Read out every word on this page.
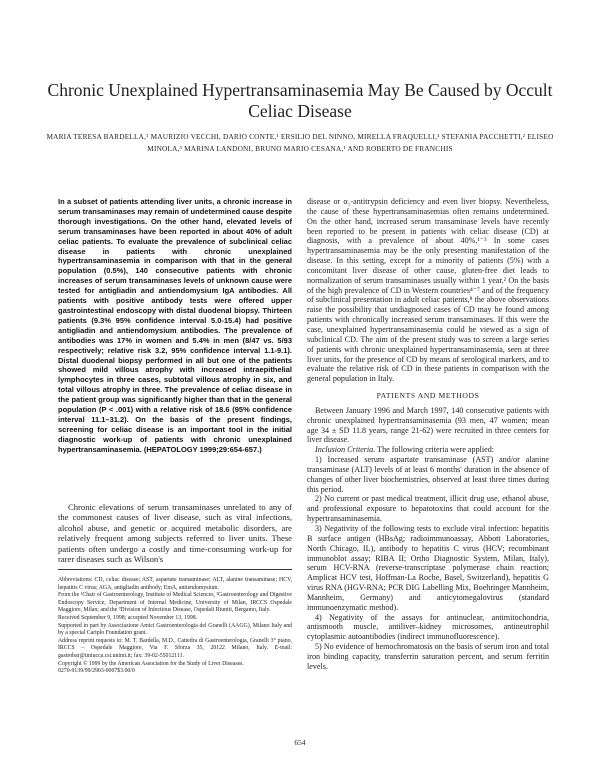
Chronic Unexplained Hypertransaminasemia May Be Caused by Occult Celiac Disease
MARIA TERESA BARDELLA,¹ MAURIZIO VECCHI, DARIO CONTE,¹ ERSILIO DEL NINNO, MIRELLA FRAQUELLI,¹ STEFANIA PACCHETTI,² ELISEO MINOLA,³ MARINA LANDONI, BRUNO MARIO CESANA,¹ AND ROBERTO DE FRANCHIS

In a subset of patients attending liver units, a chronic increase in serum transaminases may remain of undetermined cause despite thorough investigations. On the other hand, elevated levels of serum transaminases have been reported in about 40% of adult celiac patients. To evaluate the prevalence of subclinical celiac disease in patients with chronic unexplained hypertransaminasemia in comparison with that in the general population (0.5%), 140 consecutive patients with chronic increases of serum transaminases levels of unknown cause were tested for antigliadin and antiendomysium IgA antibodies. All patients with positive antibody tests were offered upper gastrointestinal endoscopy with distal duodenal biopsy. Thirteen patients (9.3% 95% confidence interval 5.0-15.4) had positive antigliadin and antiendomysium antibodies. The prevalence of antibodies was 17% in women and 5.4% in men (8/47 vs. 5/93 respectively; relative risk 3.2, 95% confidence interval 1.1-9.1). Distal duodenal biopsy performed in all but one of the patients showed mild villous atrophy with increased intraepithelial lymphocytes in three cases, subtotal villous atrophy in six, and total villous atrophy in three. The prevalence of celiac disease in the patient group was significantly higher than that in the general population (P < .001) with a relative risk of 18.6 (95% confidence interval 11.1–31.2). On the basis of the present findings, screening for celiac disease is an important tool in the initial diagnostic work-up of patients with chronic unexplained hypertransaminasemia. (HEPATOLOGY 1999;29:654-657.)

Chronic elevations of serum transaminases unrelated to any of the commonest causes of liver disease, such as viral infections, alcohol abuse, and genetic or acquired metabolic disorders, are relatively frequent among subjects referred to liver units. These patients often undergo a costly and time-consuming work-up for rarer diseases such as Wilson's

Abbreviations: CD, celiac disease; AST, aspartate transaminase; ALT, alanine transaminase; HCV, hepatitis C virus; AGA, antigliadin antibody; EmA, antiendomysium.

From the ¹Chair of Gastroenterology, Institute of Medical Sciences, ²Gastroenterology and Digestive Endoscopy Service, Department of Internal Medicine, University of Milan, IRCCS Ospedale Maggiore, Milan; and the ³Division of Infectious Disease, Ospedali Riuniti, Bergamo, Italy.

Received September 9, 1998; accepted November 13, 1998.

Supported in part by Associazione Amici Gastroenterologia del Granelli (AAGG), Milano Italy and by a special Cariplo Foundation grant.

Address reprint requests to: M. T. Bardella, M.D., Cattedra di Gastroenterologia, Granelli 3° piano, IRCCS – Ospedale Maggiore, Via F. Sforza 35, 20122 Milano, Italy. E-mail: gastrobar@imiucca.csi.unimi.it; fax: 39-02-55012111.

Copyright © 1999 by the American Association for the Study of Liver Diseases.

0270-9139/99/2903-0007$3.00/0

disease or α₁-antitrypsin deficiency and even liver biopsy. Nevertheless, the cause of these hypertransaminasemias often remains undetermined. On the other hand, increased serum transaminase levels have recently been reported to be present in patients with celiac disease (CD) at diagnosis, with a prevalence of about 40%.¹⁻³ In some cases hypertransaminasemia may be the only presenting manifestation of the disease. In this setting, except for a minority of patients (5%) with a concomitant liver disease of other cause, gluten-free diet leads to normalization of serum transaminases usually within 1 year.² On the basis of the high prevalence of CD in Western countries⁴⁻⁷ and of the frequency of subclinical presentation in adult celiac patients,⁸ the above observations raise the possibility that undiagnosed cases of CD may be found among patients with chronically increased serum transaminases. If this were the case, unexplained hypertransaminasemia could be viewed as a sign of subclinical CD. The aim of the present study was to screen a large series of patients with chronic unexplained hypertransaminasemia, seen at three liver units, for the presence of CD by means of serological markers, and to evaluate the relative risk of CD in these patients in comparison with the general population in Italy.

PATIENTS AND METHODS

Between January 1996 and March 1997, 140 consecutive patients with chronic unexplained hypertransaminasemia (93 men, 47 women; mean age 34 ± SD 11.8 years, range 21-62) were recruited in three centers for liver disease.

Inclusion Criteria. The following criteria were applied:

1) Increased serum aspartate transaminase (AST) and/or alanine transaminase (ALT) levels of at least 6 months' duration in the absence of changes of other liver biochemistries, observed at least three times during this period.

2) No current or past medical treatment, illicit drug use, ethanol abuse, and professional exposure to hepatotoxins that could account for the hypertransaminasemia.

3) Negativity of the following tests to exclude viral infection: hepatitis B surface antigen (HBsAg; radioimmunoassay, Abbott Laboratories, North Chicago, IL), antibody to hepatitis C virus (HCV; recombinant immunoblot assay; RIBA II; Ortho Diagnostic System, Milan, Italy), serum HCV-RNA (reverse-transcriptase polymerase chain reaction; Amplicat HCV test, Hoffman-La Roche, Basel, Switzerland), hepatitis G virus RNA (HGV-RNA; PCR DIG Labelling Mix, Boehringer Mannheim, Mannheim, Germany) and anticytomegalovirus (standard immunoenzymatic method).

4) Negativity of the assays for antinuclear, antimitochondria, antismooth muscle, antiliver–kidney microsomes, antineutrophil cytoplasmic autoantibodies (indirect immunofluorescence).

5) No evidence of hemochromatosis on the basis of serum iron and total iron binding capacity, transferrin saturation percent, and serum ferritin levels.

654
